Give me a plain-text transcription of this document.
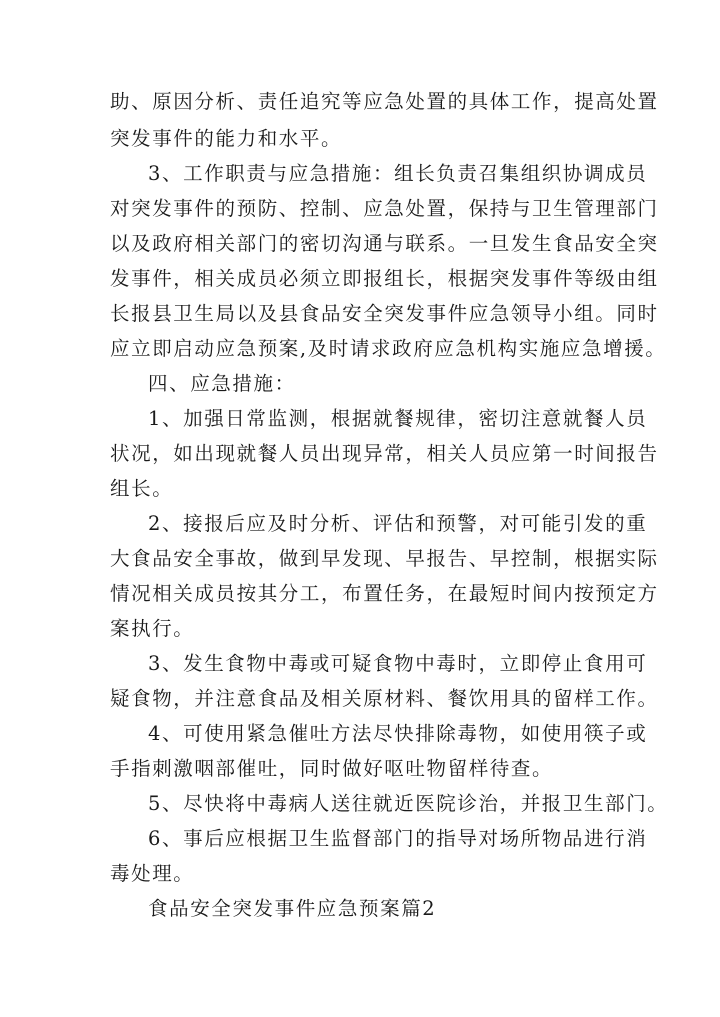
助、原因分析、责任追究等应急处置的具体工作，提高处置
突发事件的能力和水平。
3、工作职责与应急措施：组长负责召集组织协调成员
对突发事件的预防、控制、应急处置，保持与卫生管理部门
以及政府相关部门的密切沟通与联系。一旦发生食品安全突
发事件，相关成员必须立即报组长，根据突发事件等级由组
长报县卫生局以及县食品安全突发事件应急领导小组。同时
应立即启动应急预案,及时请求政府应急机构实施应急增援。
四、应急措施：
1、加强日常监测，根据就餐规律，密切注意就餐人员
状况，如出现就餐人员出现异常，相关人员应第一时间报告
组长。
2、接报后应及时分析、评估和预警，对可能引发的重
大食品安全事故，做到早发现、早报告、早控制，根据实际
情况相关成员按其分工，布置任务，在最短时间内按预定方
案执行。
3、发生食物中毒或可疑食物中毒时，立即停止食用可
疑食物，并注意食品及相关原材料、餐饮用具的留样工作。
4、可使用紧急催吐方法尽快排除毒物，如使用筷子或
手指刺激咽部催吐，同时做好呕吐物留样待查。
5、尽快将中毒病人送往就近医院诊治，并报卫生部门。
6、事后应根据卫生监督部门的指导对场所物品进行消
毒处理。
食品安全突发事件应急预案篇2
